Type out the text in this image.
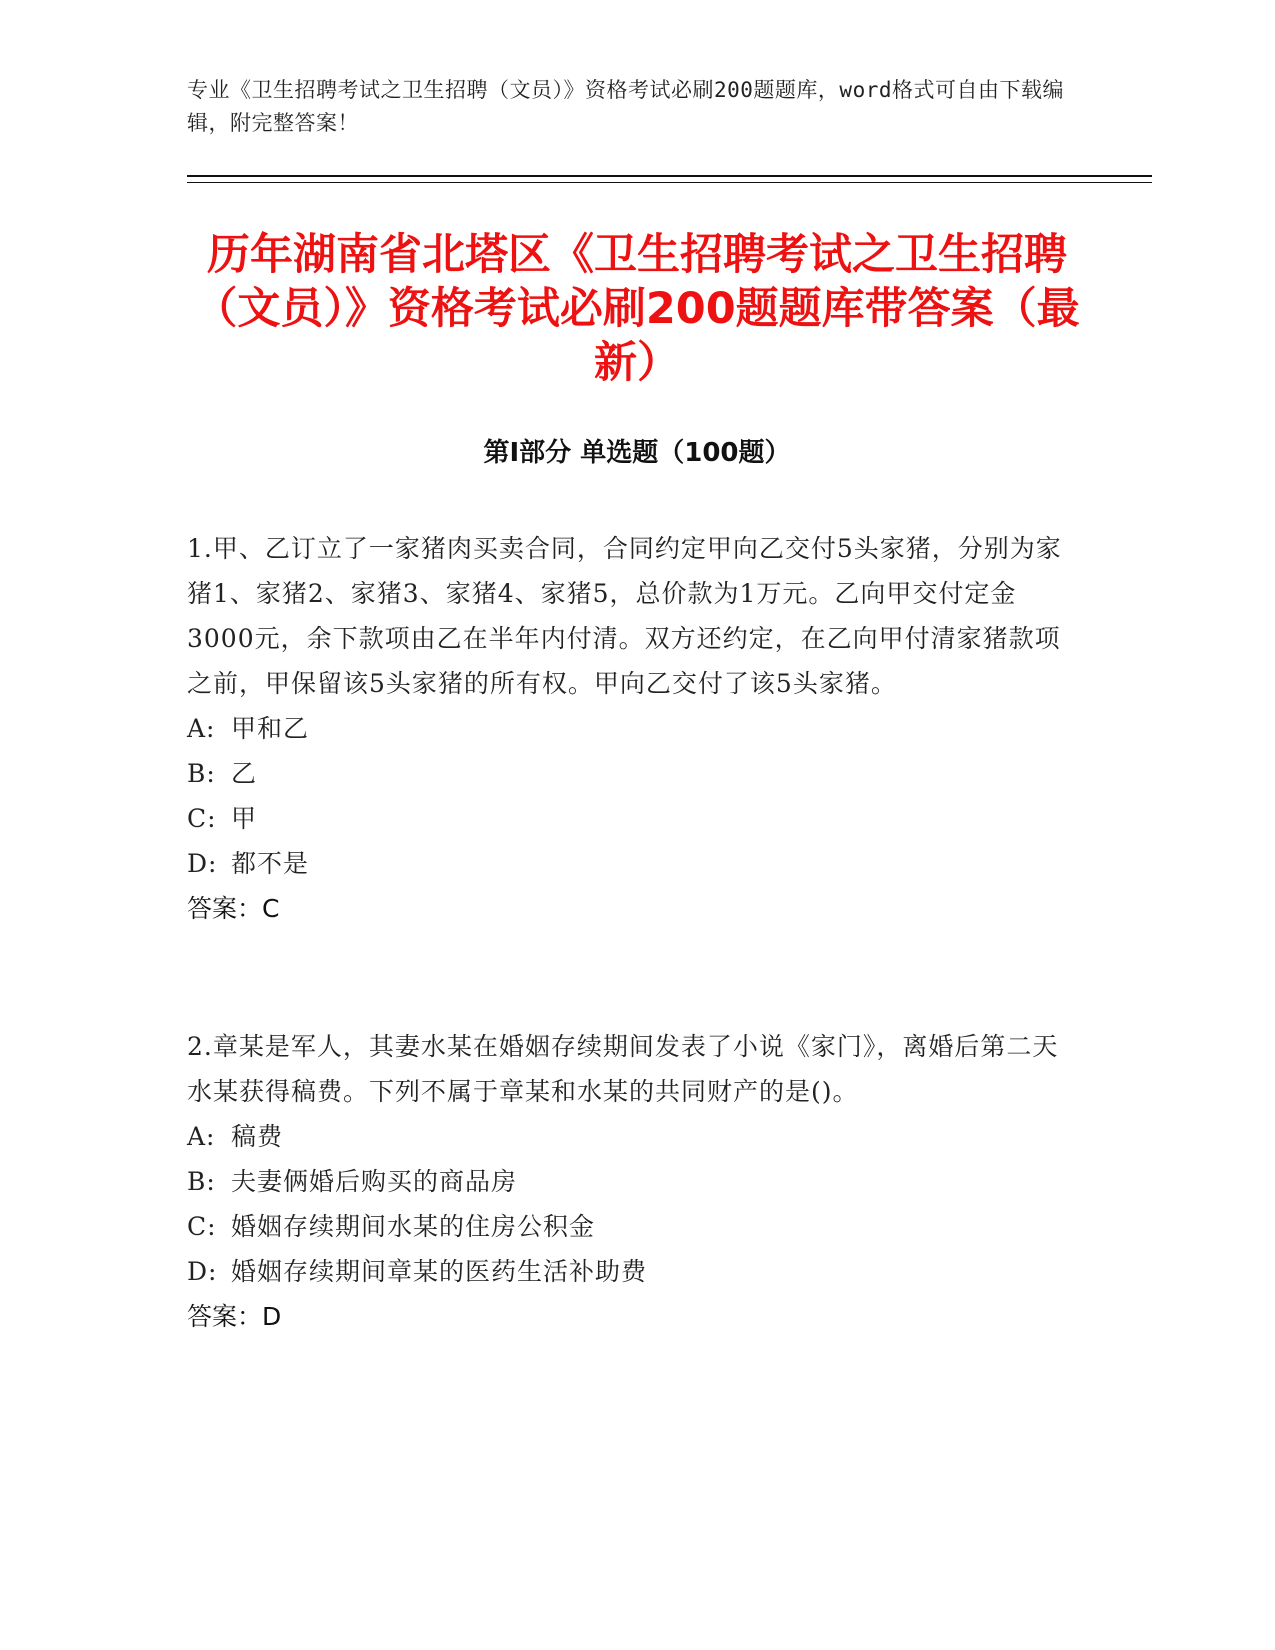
专业《卫生招聘考试之卫生招聘（文员）》资格考试必刷200题题库，word格式可自由下载编辑，附完整答案！
历年湖南省北塔区《卫生招聘考试之卫生招聘（文员）》资格考试必刷200题题库带答案（最新）
第Ⅰ部分 单选题（100题）

1.甲、乙订立了一家猪肉买卖合同，合同约定甲向乙交付5头家猪，分别为家猪1、家猪2、家猪3、家猪4、家猪5，总价款为1万元。乙向甲交付定金3000元，余下款项由乙在半年内付清。双方还约定，在乙向甲付清家猪款项之前，甲保留该5头家猪的所有权。甲向乙交付了该5头家猪。

A: 甲和乙

B: 乙

C: 甲

D: 都不是

答案：C

2.章某是军人，其妻水某在婚姻存续期间发表了小说《家门》，离婚后第二天水某获得稿费。下列不属于章某和水某的共同财产的是()。

A: 稿费

B: 夫妻俩婚后购买的商品房

C: 婚姻存续期间水某的住房公积金

D: 婚姻存续期间章某的医药生活补助费

答案：D
